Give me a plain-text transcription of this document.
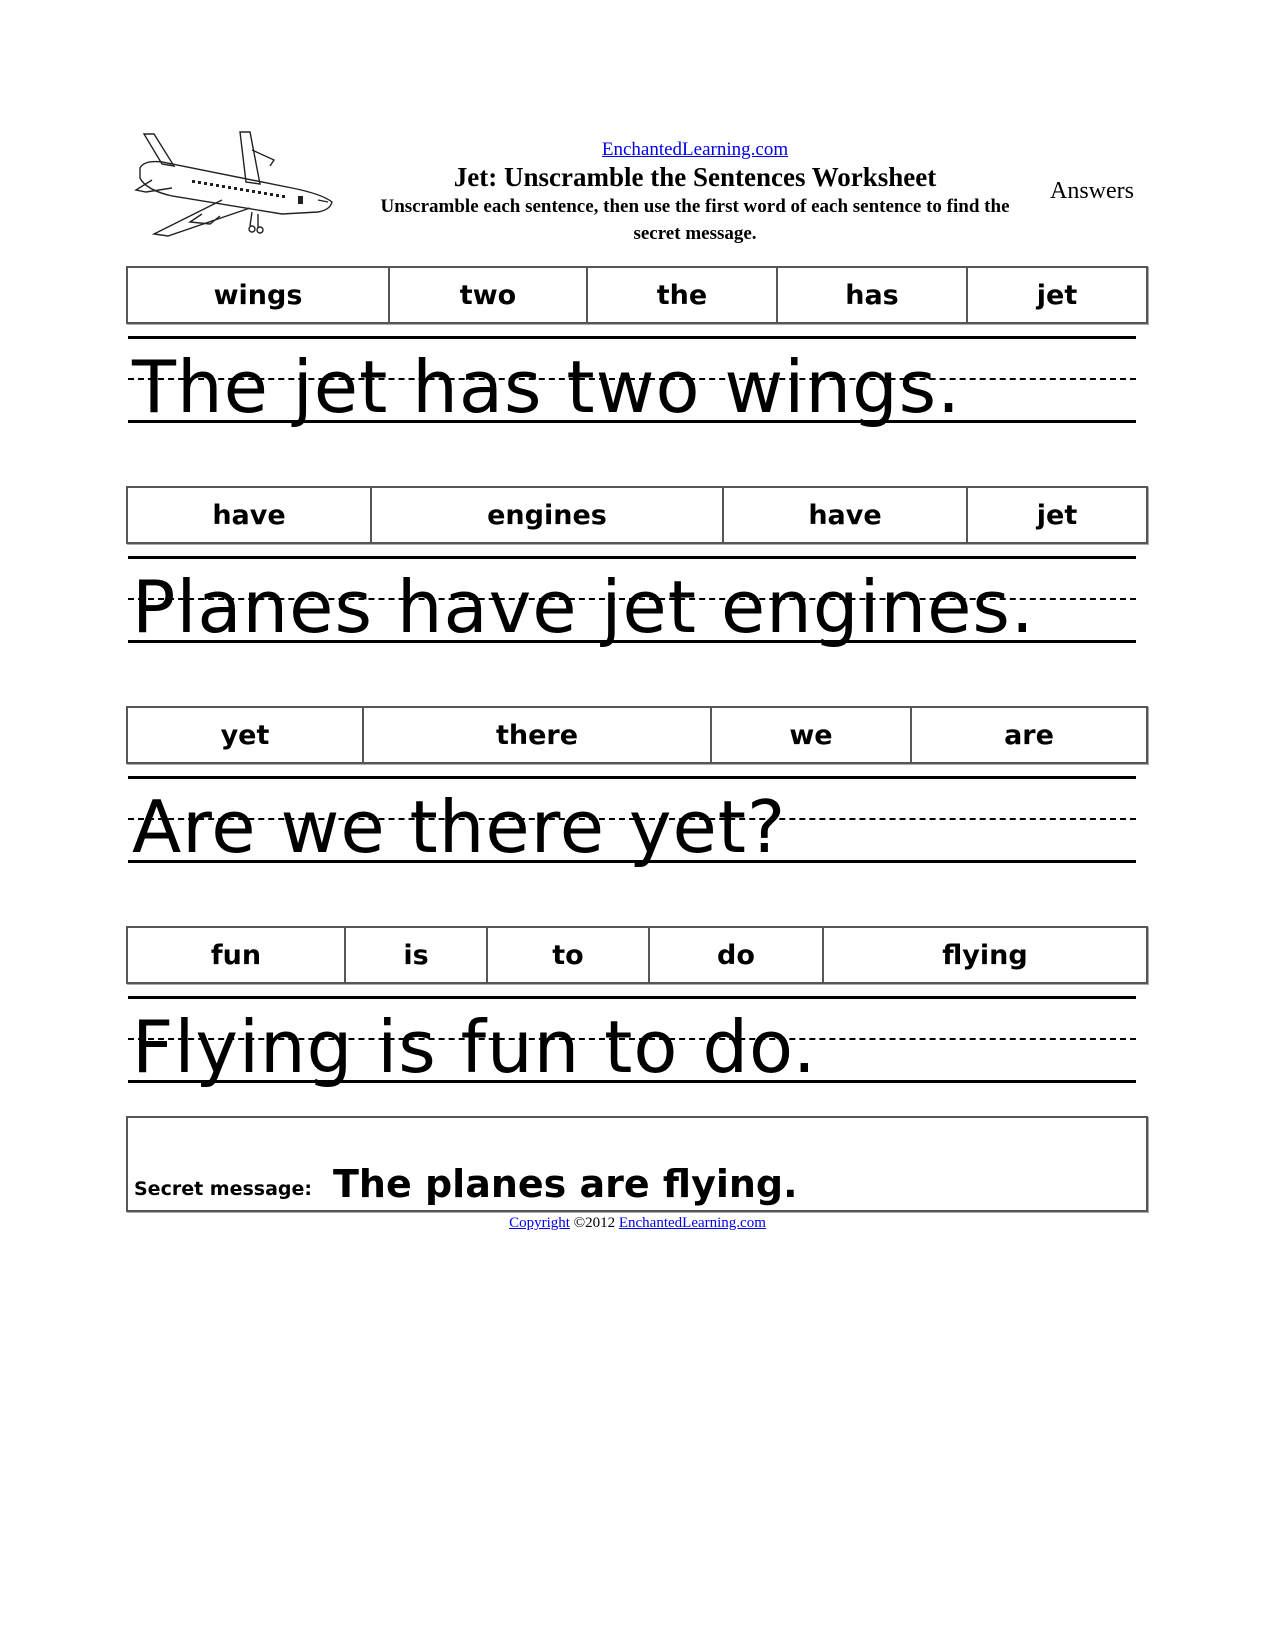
EnchantedLearning.com
Jet: Unscramble the Sentences Worksheet
Unscramble each sentence, then use the first word of each sentence to find the secret message.
Answers
wings	two	the	has	jet
The jet has two wings.
have	engines	have	jet
Planes have jet engines.
yet	there	we	are
Are we there yet?
fun	is	to	do	flying
Flying is fun to do.
Secret message: The planes are flying.
Copyright ©2012 EnchantedLearning.com
